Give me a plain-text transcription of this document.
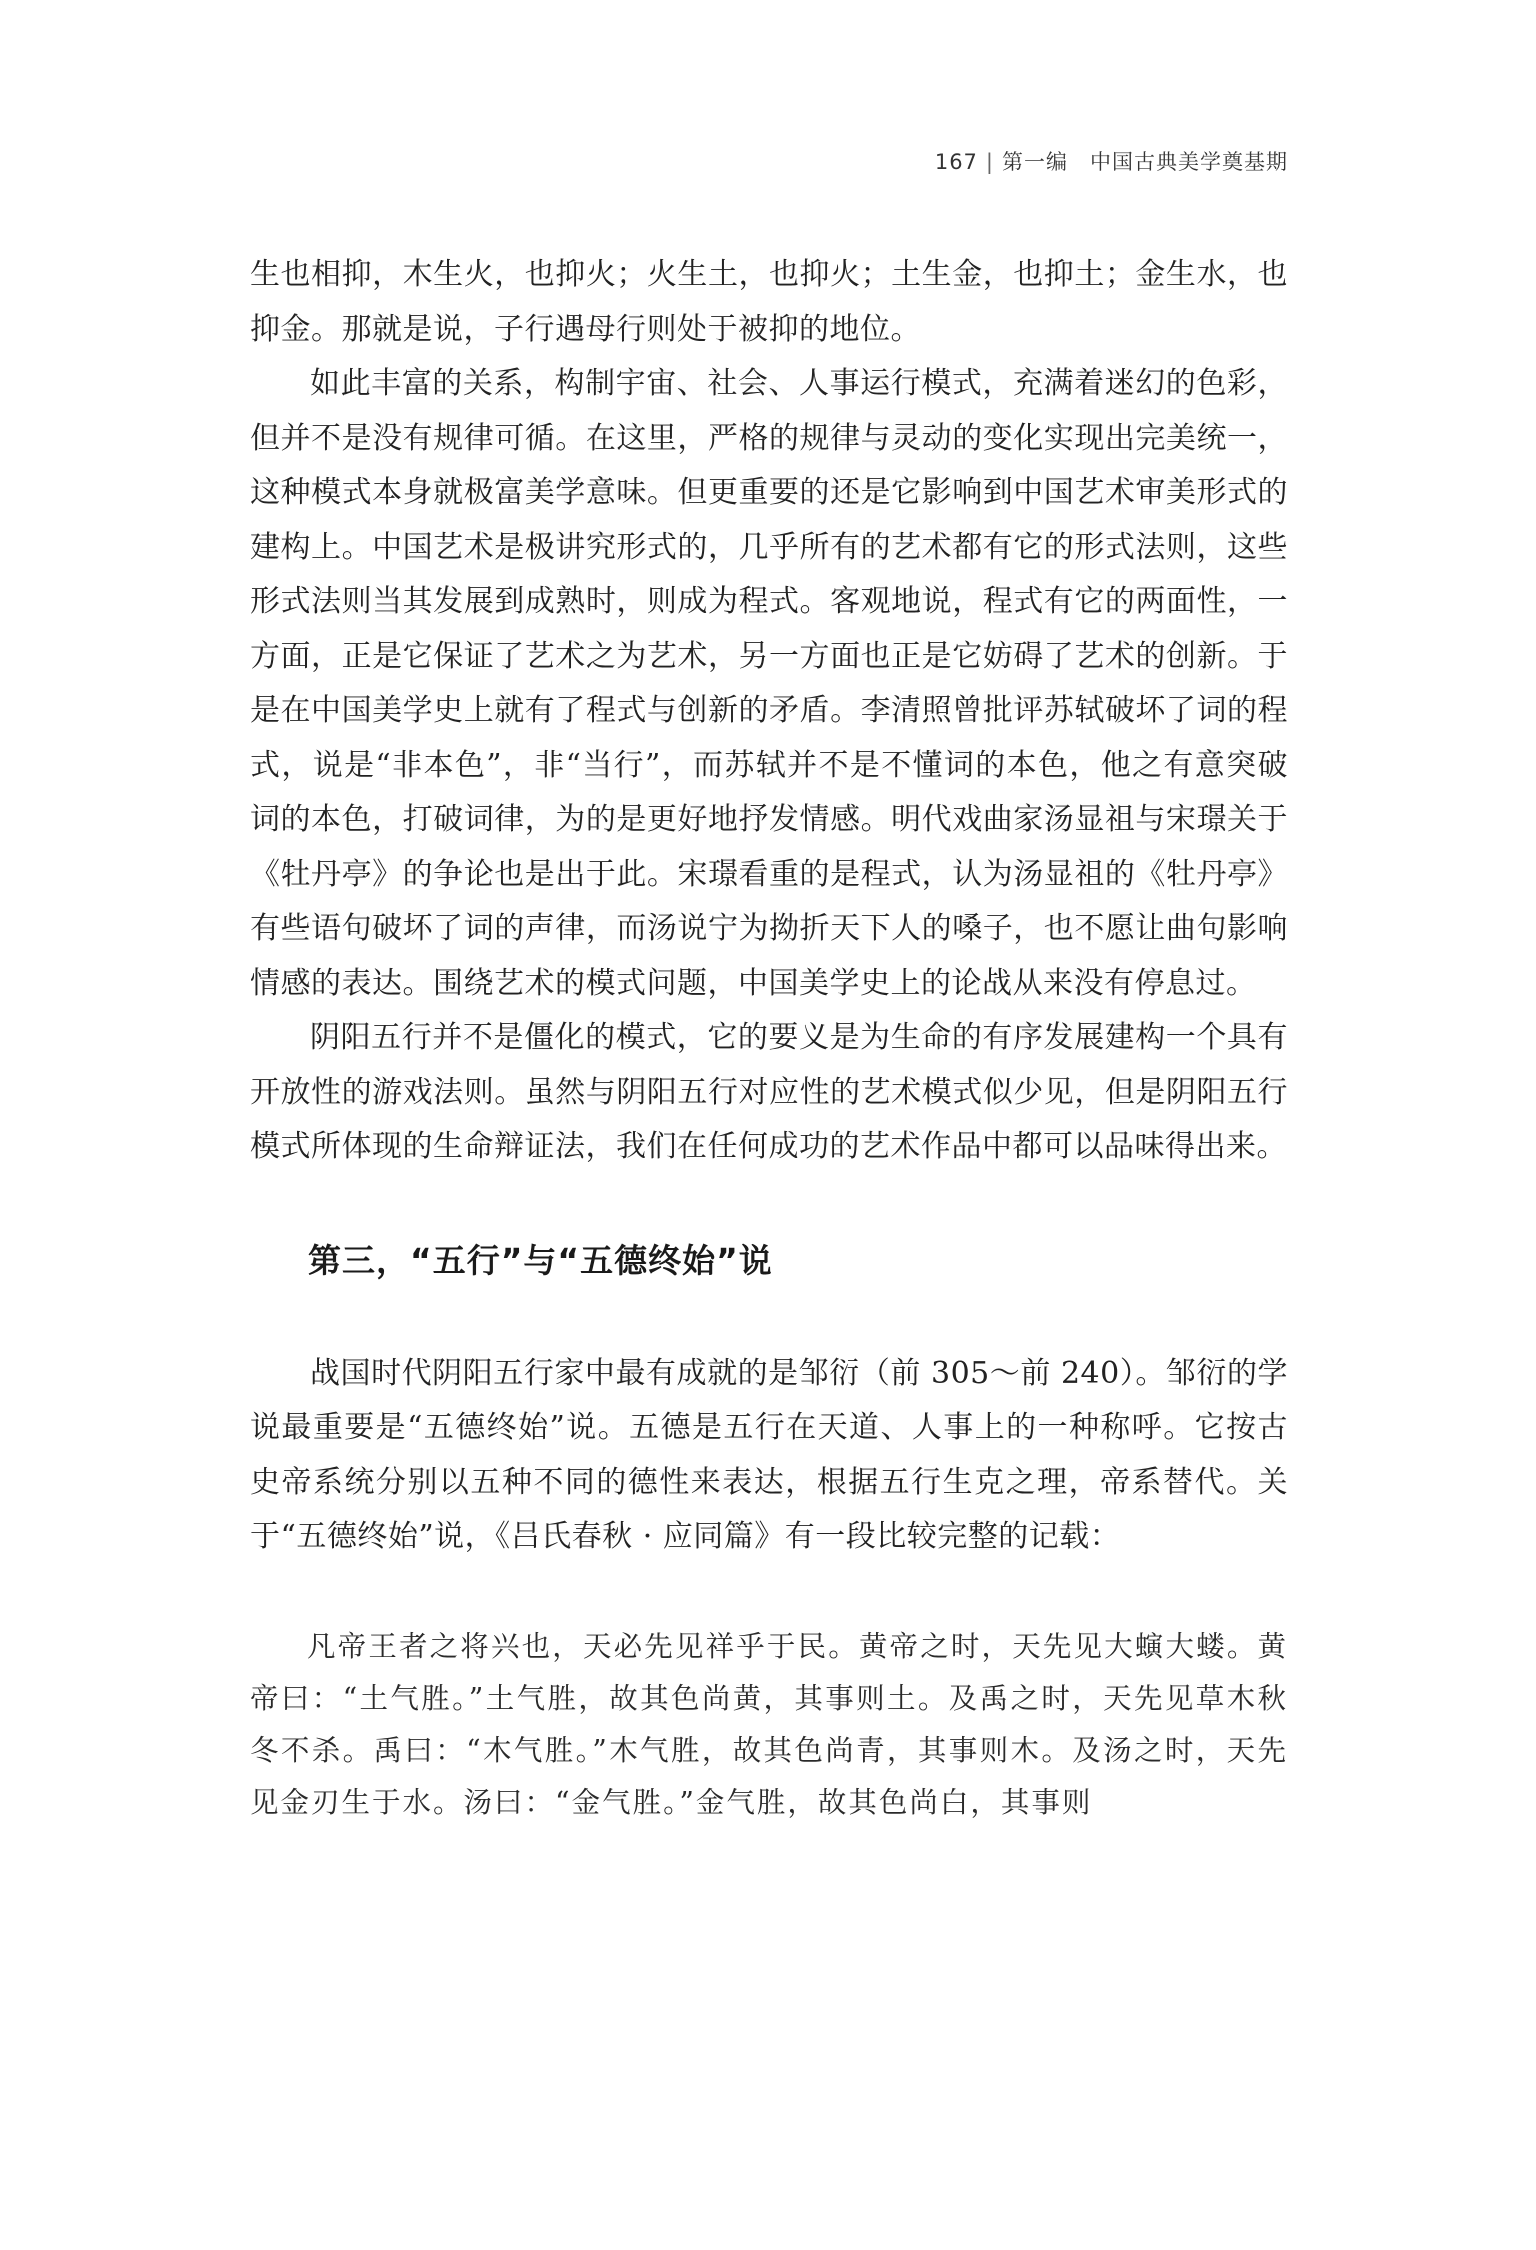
167 | 第一编 中国古典美学奠基期

生也相抑，木生火，也抑火；火生土，也抑火；土生金，也抑土；金生水，也抑金。那就是说，子行遇母行则处于被抑的地位。

如此丰富的关系，构制宇宙、社会、人事运行模式，充满着迷幻的色彩，但并不是没有规律可循。在这里，严格的规律与灵动的变化实现出完美统一，这种模式本身就极富美学意味。但更重要的还是它影响到中国艺术审美形式的建构上。中国艺术是极讲究形式的，几乎所有的艺术都有它的形式法则，这些形式法则当其发展到成熟时，则成为程式。客观地说，程式有它的两面性，一方面，正是它保证了艺术之为艺术，另一方面也正是它妨碍了艺术的创新。于是在中国美学史上就有了程式与创新的矛盾。李清照曾批评苏轼破坏了词的程式，说是“非本色”，非“当行”，而苏轼并不是不懂词的本色，他之有意突破词的本色，打破词律，为的是更好地抒发情感。明代戏曲家汤显祖与宋璟关于《牡丹亭》的争论也是出于此。宋璟看重的是程式，认为汤显祖的《牡丹亭》有些语句破坏了词的声律，而汤说宁为拗折天下人的嗓子，也不愿让曲句影响情感的表达。围绕艺术的模式问题，中国美学史上的论战从来没有停息过。

阴阳五行并不是僵化的模式，它的要义是为生命的有序发展建构一个具有开放性的游戏法则。虽然与阴阳五行对应性的艺术模式似少见，但是阴阳五行模式所体现的生命辩证法，我们在任何成功的艺术作品中都可以品味得出来。

第三，“五行”与“五德终始”说

战国时代阴阳五行家中最有成就的是邹衍（前 305～前 240）。邹衍的学说最重要是“五德终始”说。五德是五行在天道、人事上的一种称呼。它按古史帝系统分别以五种不同的德性来表达，根据五行生克之理，帝系替代。关于“五德终始”说，《吕氏春秋 · 应同篇》有一段比较完整的记载：

凡帝王者之将兴也，天必先见祥乎于民。黄帝之时，天先见大螾大蝼。黄帝曰：“土气胜。”土气胜，故其色尚黄，其事则土。及禹之时，天先见草木秋冬不杀。禹曰：“木气胜。”木气胜，故其色尚青，其事则木。及汤之时，天先见金刃生于水。汤曰：“金气胜。”金气胜，故其色尚白，其事则
